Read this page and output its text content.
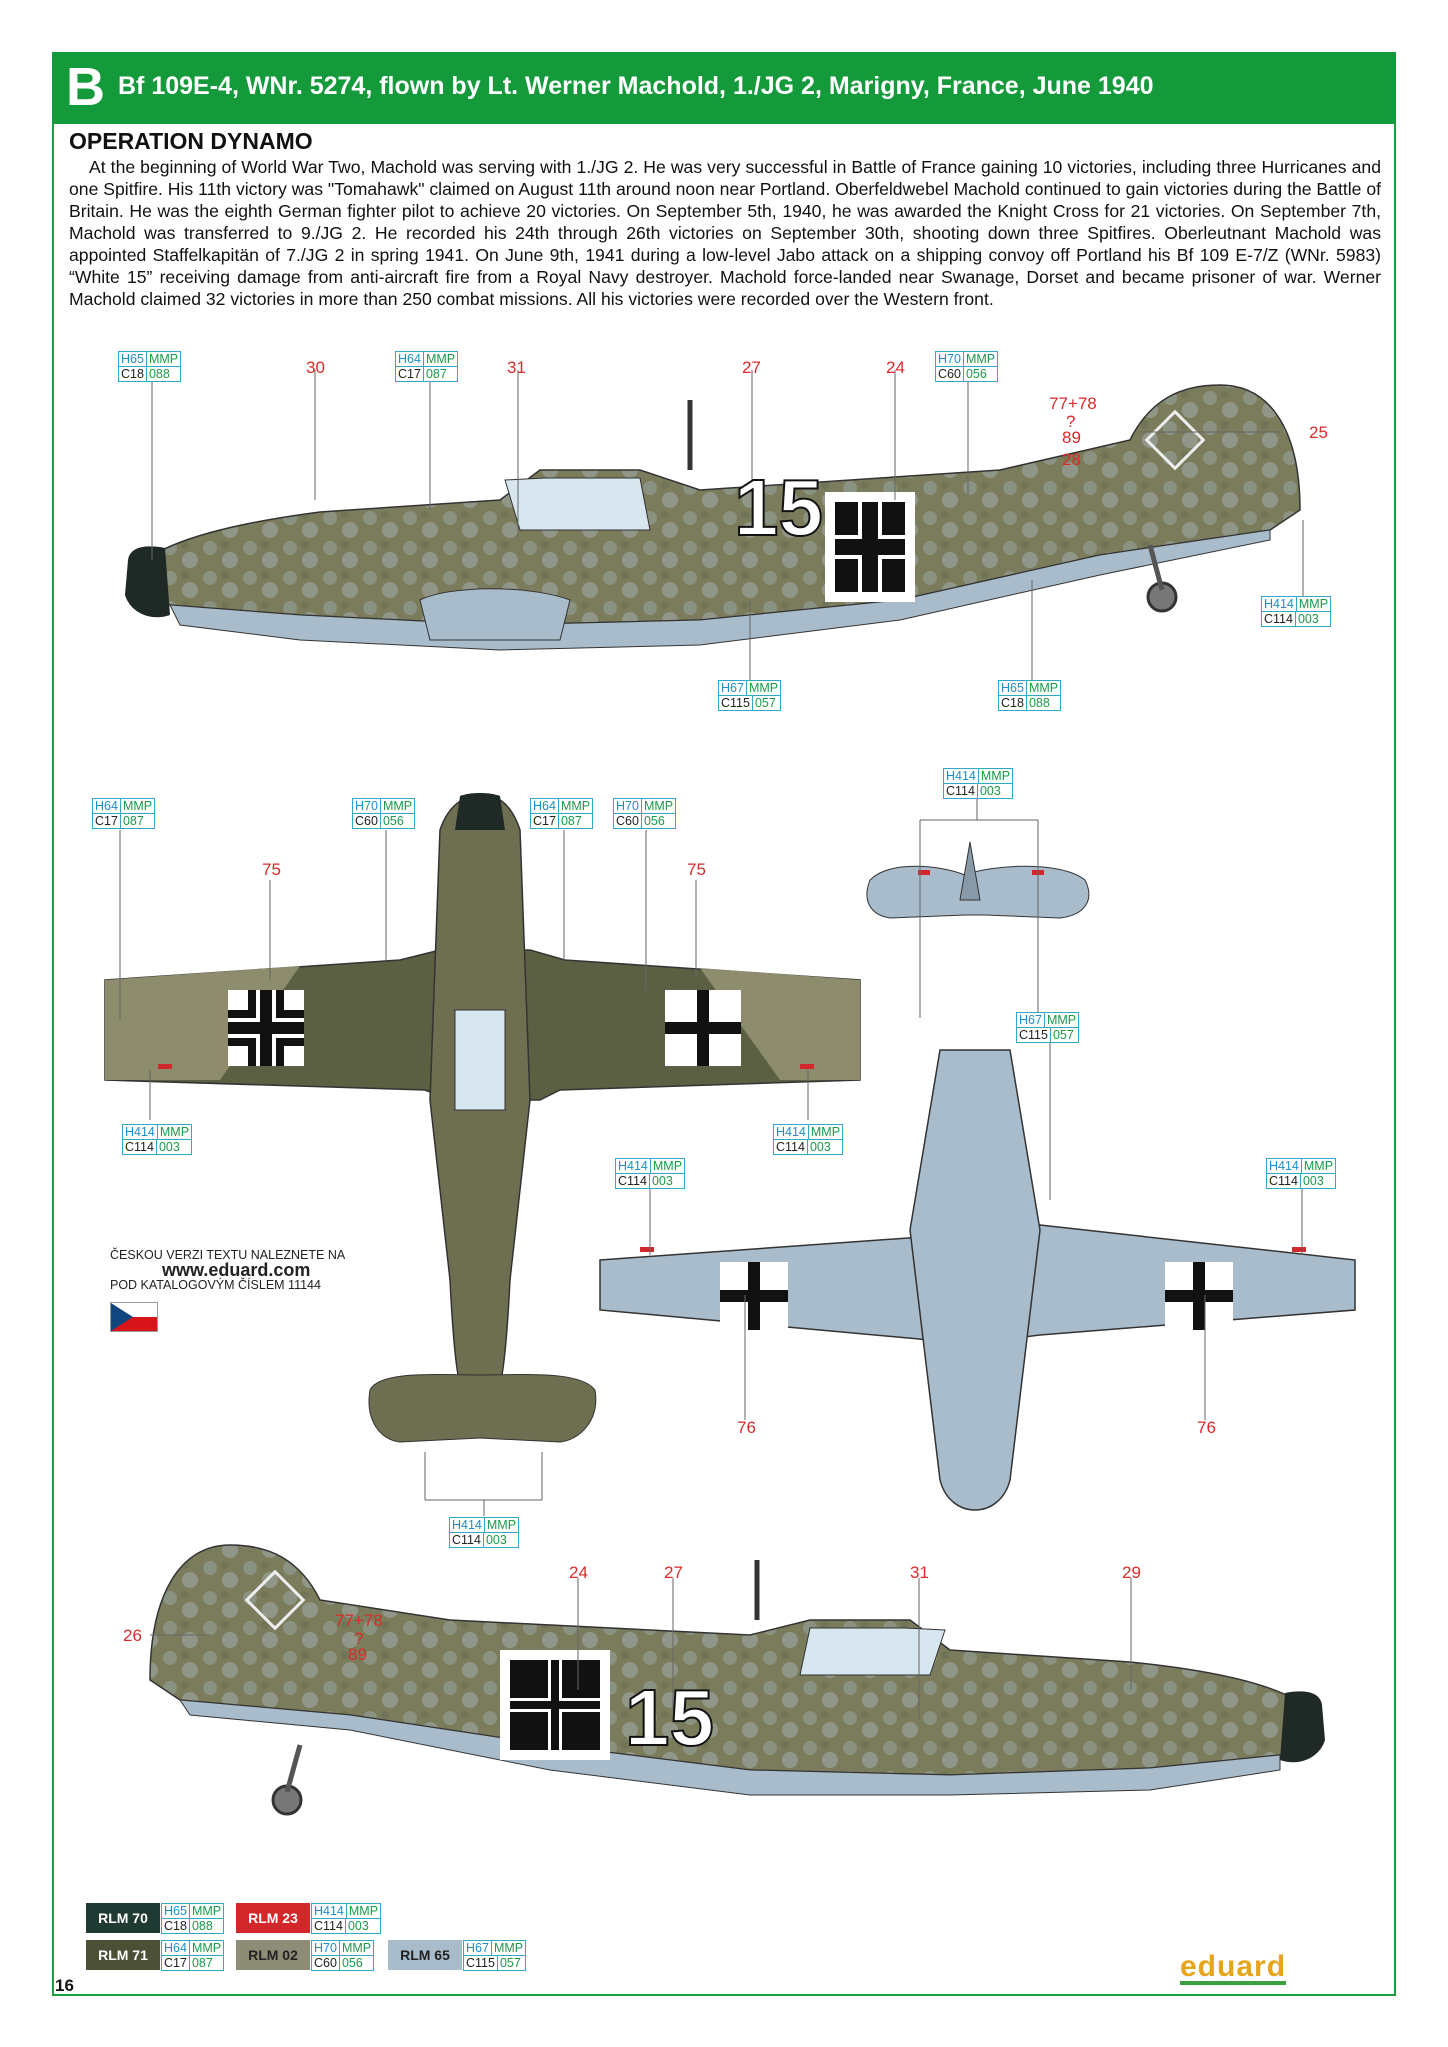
B Bf 109E-4, WNr. 5274, flown by Lt. Werner Machold, 1./JG 2, Marigny, France, June 1940
OPERATION DYNAMO

At the beginning of World War Two, Machold was serving with 1./JG 2. He was very successful in Battle of France gaining 10 victories, including three Hurricanes and one Spitfire. His 11th victory was "Tomahawk" claimed on August 11th around noon near Portland. Oberfeldwebel Machold continued to gain victories during the Battle of Britain. He was the eighth German fighter pilot to achieve 20 victories. On September 5th, 1940, he was awarded the Knight Cross for 21 victories. On September 7th, Machold was transferred to 9./JG 2. He recorded his 24th through 26th victories on September 30th, shooting down three Spitfires. Oberleutnant Machold was appointed Staffelkapitän of 7./JG 2 in spring 1941. On June 9th, 1941 during a low-level Jabo attack on a shipping convoy off Portland his Bf 109 E-7/Z (WNr. 5983) “White 15” receiving damage from anti-aircraft fire from a Royal Navy destroyer. Machold force-landed near Swanage, Dorset and became prisoner of war. Werner Machold claimed 32 victories in more than 250 combat missions. All his victories were recorded over the Western front.

15
15
H65 MMP
C18 088
H64 MMP
C17 087
H70 MMP
C60 056
H414 MMP
C114 003
H67 MMP
C115 057
H65 MMP
C18 088
H64 MMP
C17 087
H70 MMP
C60 056
H64 MMP
C17 087
H70 MMP
C60 056
H414 MMP
C114 003
H67 MMP
C115 057
H414 MMP
C114 003
H414 MMP
C114 003
H414 MMP
C114 003
H414 MMP
C114 003
H414 MMP
C114 003
30	31	27	24
77+78
?
89
28
25
75	75
76	76
24	27	31	29
26
77+78
?
89
ČESKOU VERZI TEXTU NALEZNETE NA
www.eduard.com
POD KATALOGOVÝM ČÍSLEM 11144
RLM 70	H65 MMP
C18 088
RLM 71	H64 MMP
C17 087
RLM 23	H414 MMP
C114 003
RLM 02	H70 MMP
C60 056	RLM 65	H67 MMP
C115 057
16
eduard
